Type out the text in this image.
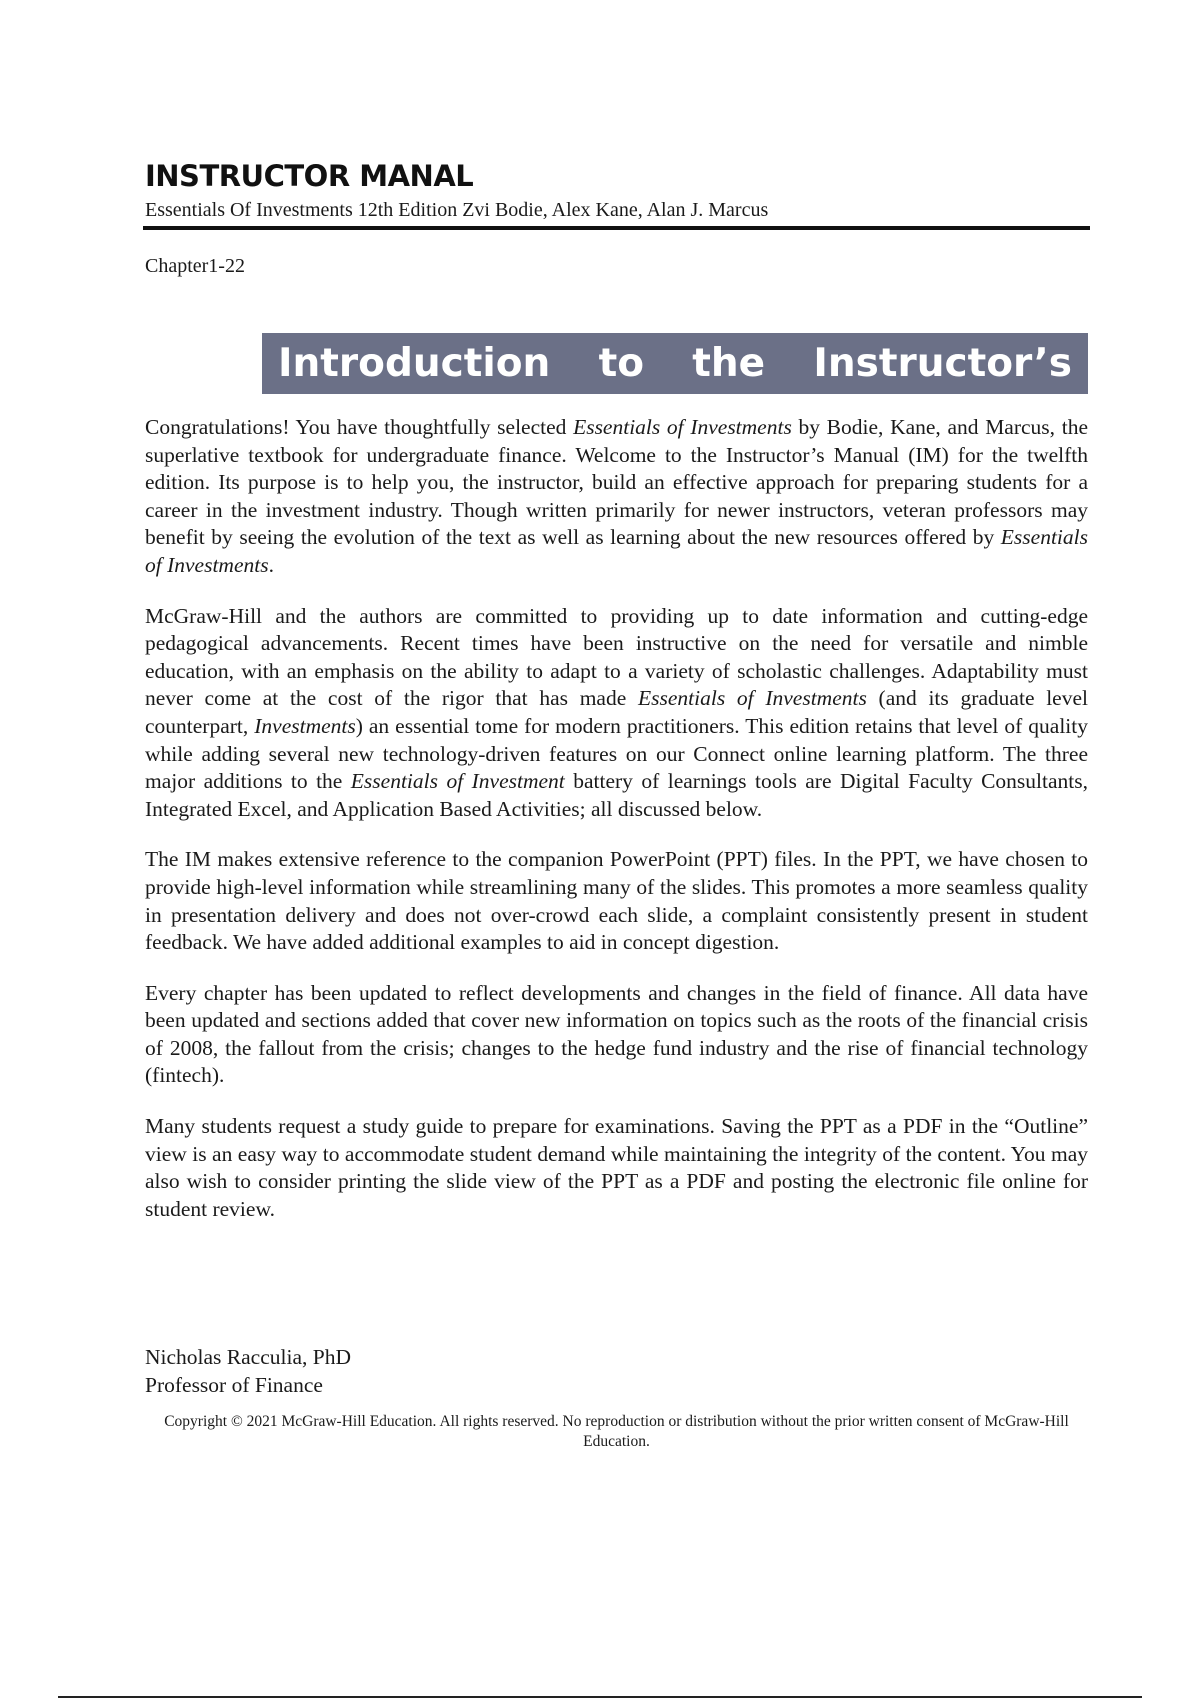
INSTRUCTOR MANAL
Essentials Of Investments 12th Edition Zvi Bodie, Alex Kane, Alan J. Marcus
Chapter1-22
Introduction to the Instructor’s

Congratulations! You have thoughtfully selected Essentials of Investments by Bodie, Kane, and Marcus, the superlative textbook for undergraduate finance. Welcome to the Instructor’s Manual (IM) for the twelfth edition. Its purpose is to help you, the instructor, build an effective approach for preparing students for a career in the investment industry. Though written primarily for newer instructors, veteran professors may benefit by seeing the evolution of the text as well as learning about the new resources offered by Essentials of Investments.

McGraw-Hill and the authors are committed to providing up to date information and cutting-edge pedagogical advancements. Recent times have been instructive on the need for versatile and nimble education, with an emphasis on the ability to adapt to a variety of scholastic challenges. Adaptability must never come at the cost of the rigor that has made Essentials of Investments (and its graduate level counterpart, Investments) an essential tome for modern practitioners. This edition retains that level of quality while adding several new technology-driven features on our Connect online learning platform. The three major additions to the Essentials of Investment battery of learnings tools are Digital Faculty Consultants, Integrated Excel, and Application Based Activities; all discussed below.

The IM makes extensive reference to the companion PowerPoint (PPT) files. In the PPT, we have chosen to provide high-level information while streamlining many of the slides. This promotes a more seamless quality in presentation delivery and does not over-crowd each slide, a complaint consistently present in student feedback. We have added additional examples to aid in concept digestion.

Every chapter has been updated to reflect developments and changes in the field of finance. All data have been updated and sections added that cover new information on topics such as the roots of the financial crisis of 2008, the fallout from the crisis; changes to the hedge fund industry and the rise of financial technology (fintech).

Many students request a study guide to prepare for examinations. Saving the PPT as a PDF in the “Outline” view is an easy way to accommodate student demand while maintaining the integrity of the content. You may also wish to consider printing the slide view of the PPT as a PDF and posting the electronic file online for student review.

Nicholas Racculia, PhD
Professor of Finance
Copyright © 2021 McGraw-Hill Education. All rights reserved. No reproduction or distribution without the prior written consent of McGraw-Hill Education.
